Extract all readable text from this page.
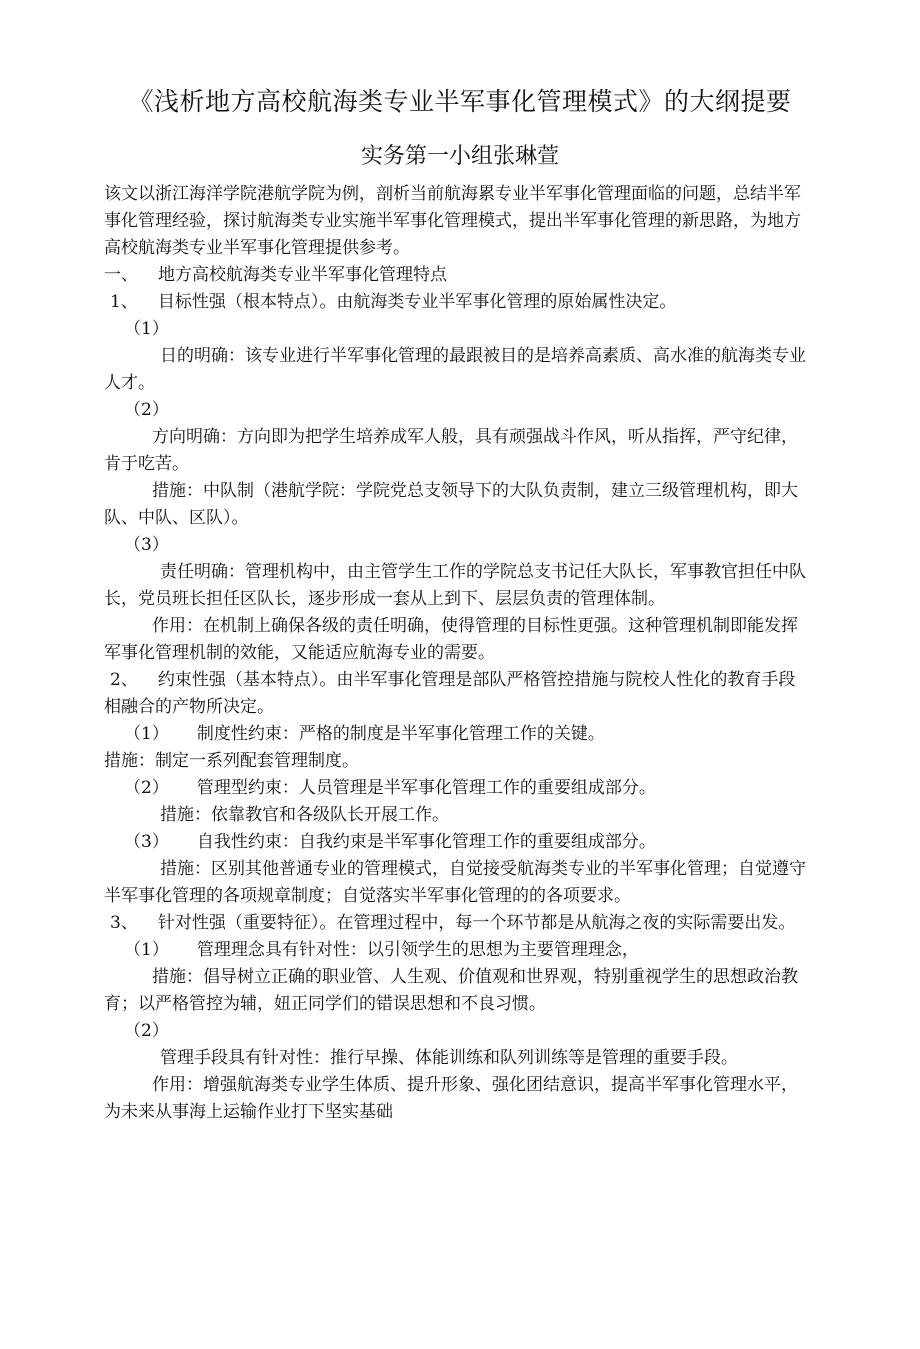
《浅析地方高校航海类专业半军事化管理模式》的大纲提要
实务第一小组张琳萱

该文以浙江海洋学院港航学院为例，剖析当前航海累专业半军事化管理面临的问题，总结半军事化管理经验，探讨航海类专业实施半军事化管理模式，提出半军事化管理的新思路，为地方高校航海类专业半军事化管理提供参考。

一、 地方高校航海类专业半军事化管理特点

1、 目标性强（根本特点）。由航海类专业半军事化管理的原始属性决定。

（1）

日的明确：该专业进行半军事化管理的最跟被目的是培养高素质、高水准的航海类专业人才。

（2）

方向明确：方向即为把学生培养成军人般，具有顽强战斗作风，听从指挥，严守纪律，肯于吃苦。

措施：中队制（港航学院：学院党总支领导下的大队负责制，建立三级管理机构，即大队、中队、区队）。

（3）

责任明确：管理机构中，由主管学生工作的学院总支书记任大队长，军事教官担任中队长，党员班长担任区队长，逐步形成一套从上到下、层层负责的管理体制。

作用：在机制上确保各级的责任明确，使得管理的目标性更强。这种管理机制即能发挥军事化管理机制的效能，又能适应航海专业的需要。

2、 约束性强（基本特点）。由半军事化管理是部队严格管控措施与院校人性化的教育手段相融合的产物所决定。

（1） 制度性约束：严格的制度是半军事化管理工作的关键。

措施：制定一系列配套管理制度。

（2） 管理型约束：人员管理是半军事化管理工作的重要组成部分。

措施：依靠教官和各级队长开展工作。

（3） 自我性约束：自我约束是半军事化管理工作的重要组成部分。

措施：区别其他普通专业的管理模式，自觉接受航海类专业的半军事化管理；自觉遵守半军事化管理的各项规章制度；自觉落实半军事化管理的的各项要求。

3、 针对性强（重要特征）。在管理过程中，每一个环节都是从航海之夜的实际需要出发。

（1） 管理理念具有针对性：以引领学生的思想为主要管理理念，

措施：倡导树立正确的职业管、人生观、价值观和世界观，特别重视学生的思想政治教育；以严格管控为辅，妞正同学们的错误思想和不良习惯。

（2）

管理手段具有针对性：推行早操、体能训练和队列训练等是管理的重要手段。

作用：增强航海类专业学生体质、提升形象、强化团结意识，提高半军事化管理水平，为未来从事海上运输作业打下坚实基础
